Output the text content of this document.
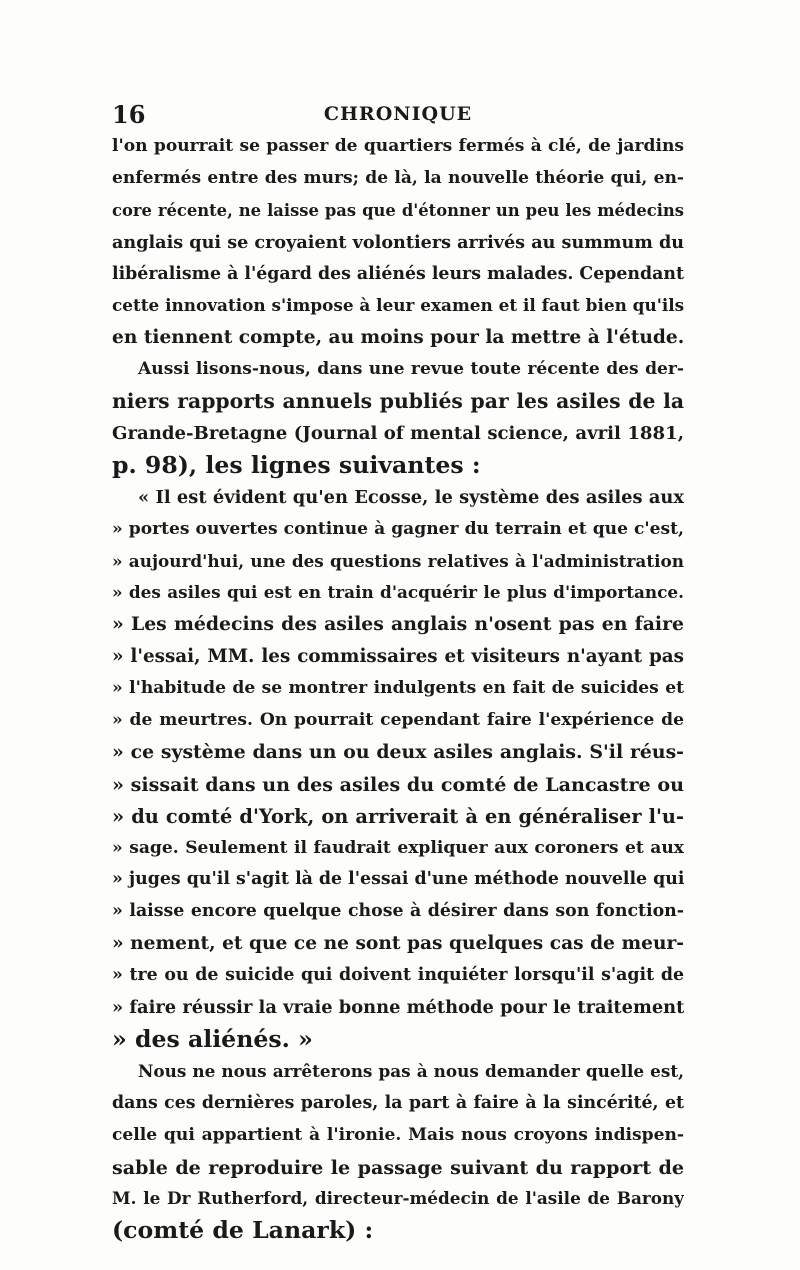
16	CHRONIQUE
l'on pourrait se passer de quartiers fermés à clé, de jardins
enfermés entre des murs; de là, la nouvelle théorie qui, en-
core récente, ne laisse pas que d'étonner un peu les médecins
anglais qui se croyaient volontiers arrivés au summum du
libéralisme à l'égard des aliénés leurs malades. Cependant
cette innovation s'impose à leur examen et il faut bien qu'ils
en tiennent compte, au moins pour la mettre à l'étude.
Aussi lisons-nous, dans une revue toute récente des der-
niers rapports annuels publiés par les asiles de la
Grande-Bretagne (Journal of mental science, avril 1881,
p. 98), les lignes suivantes :
« Il est évident qu'en Ecosse, le système des asiles aux
» portes ouvertes continue à gagner du terrain et que c'est,
» aujourd'hui, une des questions relatives à l'administration
» des asiles qui est en train d'acquérir le plus d'importance.
» Les médecins des asiles anglais n'osent pas en faire
» l'essai, MM. les commissaires et visiteurs n'ayant pas
» l'habitude de se montrer indulgents en fait de suicides et
» de meurtres. On pourrait cependant faire l'expérience de
» ce système dans un ou deux asiles anglais. S'il réus-
» sissait dans un des asiles du comté de Lancastre ou
» du comté d'York, on arriverait à en généraliser l'u-
» sage. Seulement il faudrait expliquer aux coroners et aux
» juges qu'il s'agit là de l'essai d'une méthode nouvelle qui
» laisse encore quelque chose à désirer dans son fonction-
» nement, et que ce ne sont pas quelques cas de meur-
» tre ou de suicide qui doivent inquiéter lorsqu'il s'agit de
» faire réussir la vraie bonne méthode pour le traitement
» des aliénés. »
Nous ne nous arrêterons pas à nous demander quelle est,
dans ces dernières paroles, la part à faire à la sincérité, et
celle qui appartient à l'ironie. Mais nous croyons indispen-
sable de reproduire le passage suivant du rapport de
M. le Dr Rutherford, directeur-médecin de l'asile de Barony
(comté de Lanark) :
